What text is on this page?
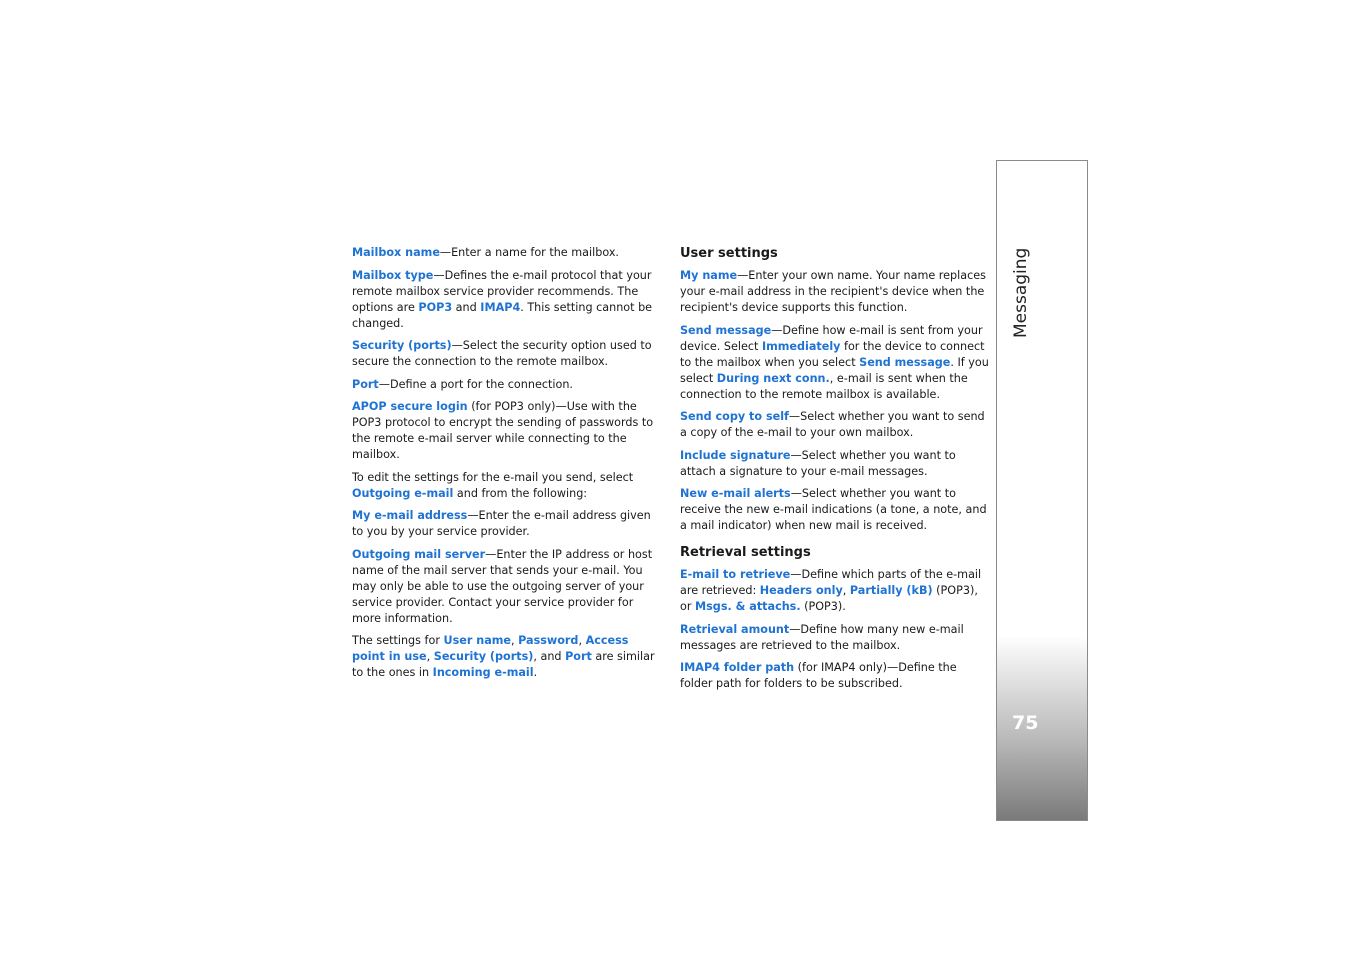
Mailbox name—Enter a name for the mailbox.

Mailbox type—Defines the e-mail protocol that your remote mailbox service provider recommends. The options are POP3 and IMAP4. This setting cannot be changed.

Security (ports)—Select the security option used to secure the connection to the remote mailbox.

Port—Define a port for the connection.

APOP secure login (for POP3 only)—Use with the POP3 protocol to encrypt the sending of passwords to the remote e-mail server while connecting to the mailbox.

To edit the settings for the e-mail you send, select Outgoing e-mail and from the following:

My e-mail address—Enter the e-mail address given to you by your service provider.

Outgoing mail server—Enter the IP address or host name of the mail server that sends your e-mail. You may only be able to use the outgoing server of your service provider. Contact your service provider for more information.

The settings for User name, Password, Access point in use, Security (ports), and Port are similar to the ones in Incoming e-mail.

User settings

My name—Enter your own name. Your name replaces your e-mail address in the recipient's device when the recipient's device supports this function.

Send message—Define how e-mail is sent from your device. Select Immediately for the device to connect to the mailbox when you select Send message. If you select During next conn., e-mail is sent when the connection to the remote mailbox is available.

Send copy to self—Select whether you want to send a copy of the e-mail to your own mailbox.

Include signature—Select whether you want to attach a signature to your e-mail messages.

New e-mail alerts—Select whether you want to receive the new e-mail indications (a tone, a note, and a mail indicator) when new mail is received.

Retrieval settings

E-mail to retrieve—Define which parts of the e-mail are retrieved: Headers only, Partially (kB) (POP3), or Msgs. & attachs. (POP3).

Retrieval amount—Define how many new e-mail messages are retrieved to the mailbox.

IMAP4 folder path (for IMAP4 only)—Define the folder path for folders to be subscribed.

Messaging
75
